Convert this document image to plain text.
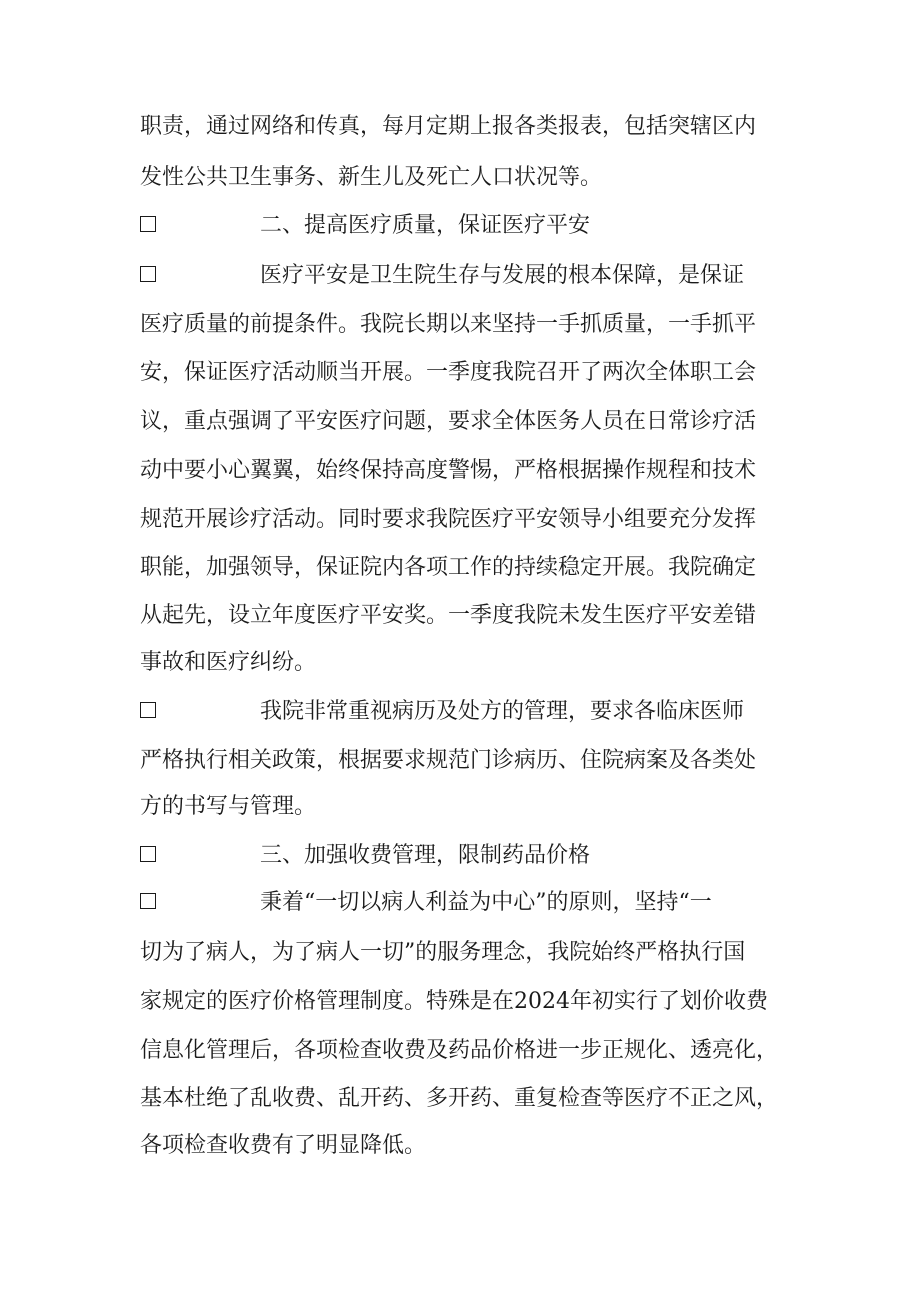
职责，通过网络和传真，每月定期上报各类报表，包括突辖区内
发性公共卫生事务、新生儿及死亡人口状况等。
二、提高医疗质量，保证医疗平安
医疗平安是卫生院生存与发展的根本保障，是保证
医疗质量的前提条件。我院长期以来坚持一手抓质量，一手抓平
安，保证医疗活动顺当开展。一季度我院召开了两次全体职工会
议，重点强调了平安医疗问题，要求全体医务人员在日常诊疗活
动中要小心翼翼，始终保持高度警惕，严格根据操作规程和技术
规范开展诊疗活动。同时要求我院医疗平安领导小组要充分发挥
职能，加强领导，保证院内各项工作的持续稳定开展。我院确定
从起先，设立年度医疗平安奖。一季度我院未发生医疗平安差错
事故和医疗纠纷。
我院非常重视病历及处方的管理，要求各临床医师
严格执行相关政策，根据要求规范门诊病历、住院病案及各类处
方的书写与管理。
三、加强收费管理，限制药品价格
秉着“一切以病人利益为中心”的原则，坚持“一
切为了病人，为了病人一切”的服务理念，我院始终严格执行国
家规定的医疗价格管理制度。特殊是在2024年初实行了划价收费
信息化管理后，各项检查收费及药品价格进一步正规化、透亮化，
基本杜绝了乱收费、乱开药、多开药、重复检查等医疗不正之风，
各项检查收费有了明显降低。
